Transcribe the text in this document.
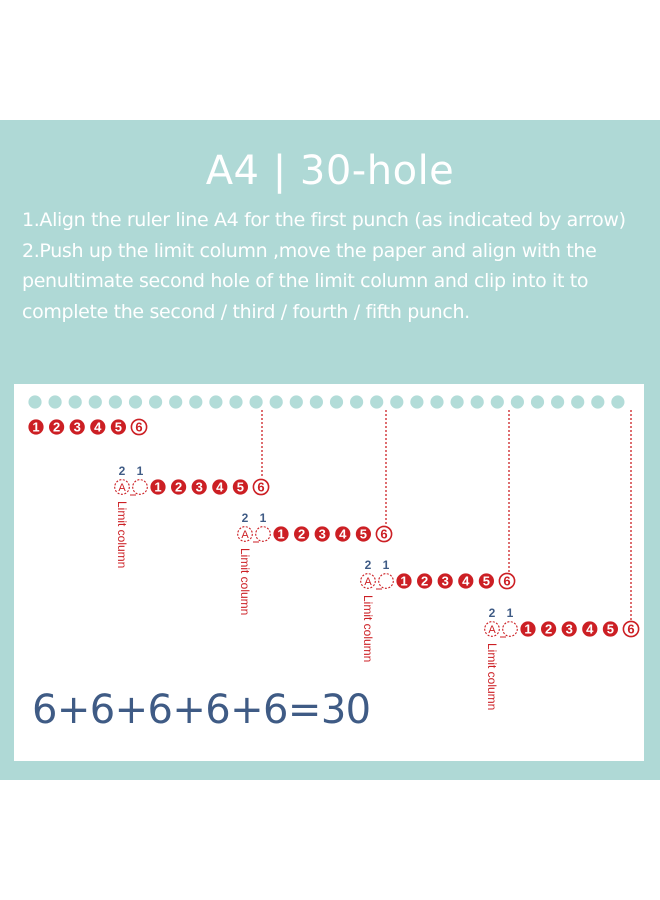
A4 | 30-hole

1.Align the ruler line A4 for the first punch (as indicated by arrow)

2.Push up the limit column ,move the paper and align with the penultimate second hole of the limit column and clip into it to complete the second / third / fourth / fifth punch.

1 2 3 4 5 6
2 1
A 1 2 3 4 5 6
Limit column	2 1
A 1 2 3 4 5 6
Limit column	2 1
A 1 2 3 4 5 6
Limit column	2 1
A 1 2 3 4 5 6
Limit column
6+6+6+6+6=30
